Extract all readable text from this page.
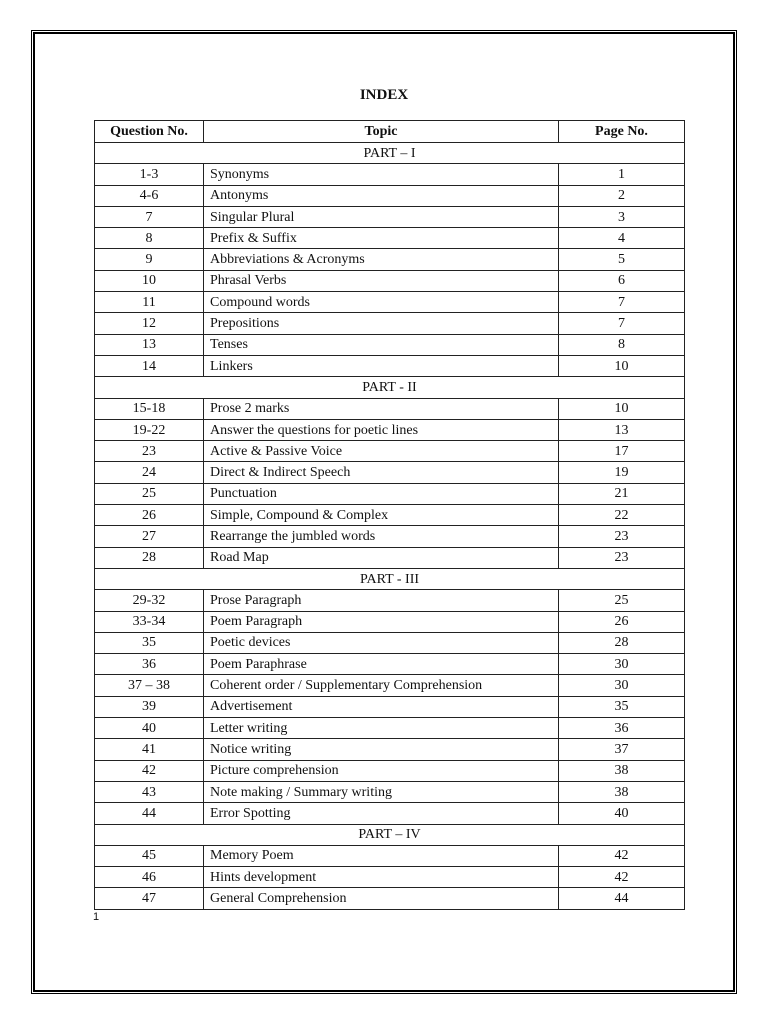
INDEX
Question No.	Topic	Page No.
PART – I		
1-3	Synonyms	1
4-6	Antonyms	2
7	Singular Plural	3
8	Prefix & Suffix	4
9	Abbreviations & Acronyms	5
10	Phrasal Verbs	6
11	Compound words	7
12	Prepositions	7
13	Tenses	8
14	Linkers	10
PART - II		
15-18	Prose 2 marks	10
19-22	Answer the questions for poetic lines	13
23	Active & Passive Voice	17
24	Direct & Indirect Speech	19
25	Punctuation	21
26	Simple, Compound & Complex	22
27	Rearrange the jumbled words	23
28	Road Map	23
PART - III		
29-32	Prose Paragraph	25
33-34	Poem Paragraph	26
35	Poetic devices	28
36	Poem Paraphrase	30
37 – 38	Coherent order / Supplementary Comprehension	30
39	Advertisement	35
40	Letter writing	36
41	Notice writing	37
42	Picture comprehension	38
43	Note making / Summary writing	38
44	Error Spotting	40
PART – IV		
45	Memory Poem	42
46	Hints development	42
47	General Comprehension	44
1
